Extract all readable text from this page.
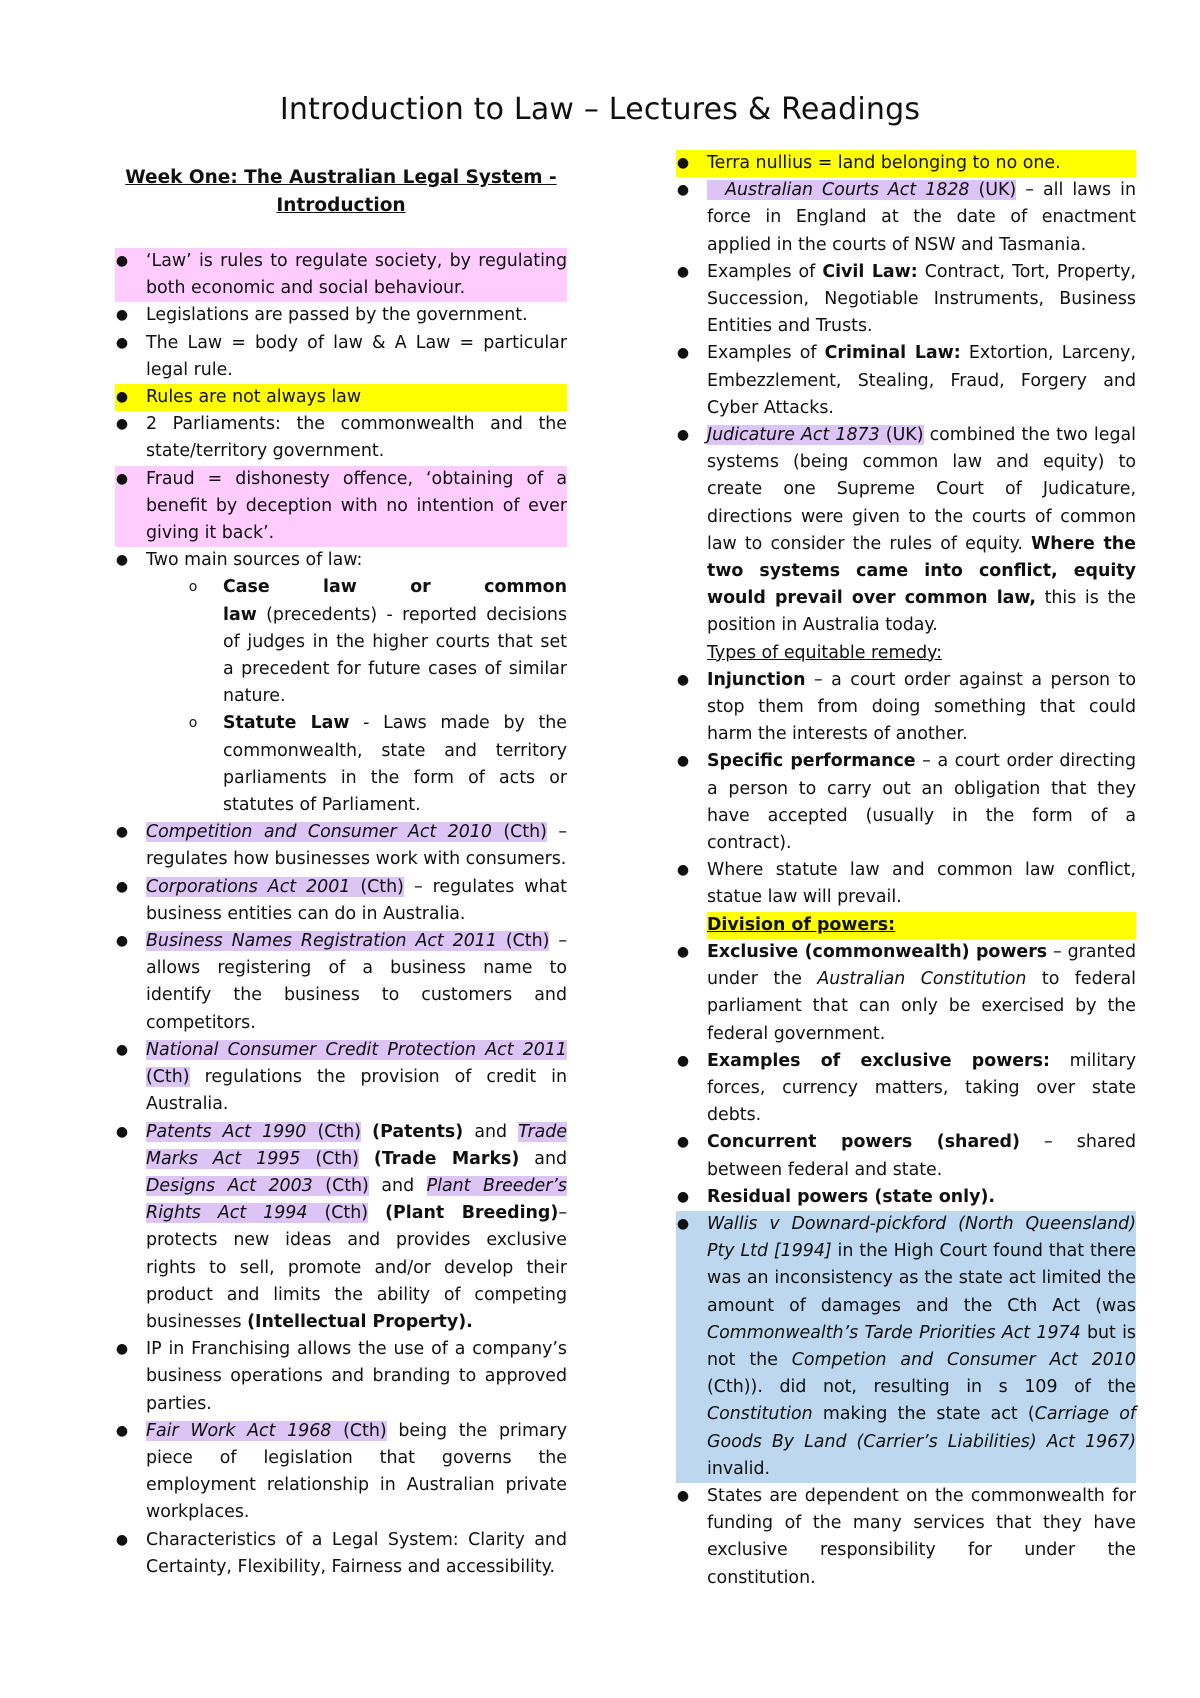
Introduction to Law – Lectures & Readings
Week One: The Australian Legal System -
Introduction
● ‘Law’ is rules to regulate society, by regulating both economic and social behaviour.
● Legislations are passed by the government.
● The Law = body of law & A Law = particular legal rule.
● Rules are not always law
● 2 Parliaments: the commonwealth and the state/territory government.
● Fraud = dishonesty offence, ‘obtaining of a benefit by deception with no intention of ever giving it back’.
● Two main sources of law:
o Case law or common law (precedents) - reported decisions of judges in the higher courts that set a precedent for future cases of similar nature.
o Statute Law - Laws made by the commonwealth, state and territory parliaments in the form of acts or statutes of Parliament.
● Competition and Consumer Act 2010 (Cth) – regulates how businesses work with consumers.
● Corporations Act 2001 (Cth) – regulates what business entities can do in Australia.
● Business Names Registration Act 2011 (Cth) – allows registering of a business name to identify the business to customers and competitors.
● National Consumer Credit Protection Act 2011 (Cth) regulations the provision of credit in Australia.
● Patents Act 1990 (Cth) (Patents) and Trade Marks Act 1995 (Cth) (Trade Marks) and Designs Act 2003 (Cth) and Plant Breeder’s Rights Act 1994 (Cth) (Plant Breeding)– protects new ideas and provides exclusive rights to sell, promote and/or develop their product and limits the ability of competing businesses (Intellectual Property).
● IP in Franchising allows the use of a company’s business operations and branding to approved parties.
● Fair Work Act 1968 (Cth) being the primary piece of legislation that governs the employment relationship in Australian private workplaces.
● Characteristics of a Legal System: Clarity and Certainty, Flexibility, Fairness and accessibility.
● Terra nullius = land belonging to no one.
● Australian Courts Act 1828 (UK) – all laws in force in England at the date of enactment applied in the courts of NSW and Tasmania.
● Examples of Civil Law: Contract, Tort, Property, Succession, Negotiable Instruments, Business Entities and Trusts.
● Examples of Criminal Law: Extortion, Larceny, Embezzlement, Stealing, Fraud, Forgery and Cyber Attacks.
● Judicature Act 1873 (UK) combined the two legal systems (being common law and equity) to create one Supreme Court of Judicature, directions were given to the courts of common law to consider the rules of equity. Where the two systems came into conflict, equity would prevail over common law, this is the position in Australia today.
Types of equitable remedy:
● Injunction – a court order against a person to stop them from doing something that could harm the interests of another.
● Specific performance – a court order directing a person to carry out an obligation that they have accepted (usually in the form of a contract).
● Where statute law and common law conflict, statue law will prevail.
Division of powers:
● Exclusive (commonwealth) powers – granted under the Australian Constitution to federal parliament that can only be exercised by the federal government.
● Examples of exclusive powers: military forces, currency matters, taking over state debts.
● Concurrent powers (shared) – shared between federal and state.
● Residual powers (state only).
● Wallis v Downard-pickford (North Queensland) Pty Ltd [1994] in the High Court found that there was an inconsistency as the state act limited the amount of damages and the Cth Act (was Commonwealth’s Tarde Priorities Act 1974 but is not the Competion and Consumer Act 2010 (Cth)). did not, resulting in s 109 of the Constitution making the state act (Carriage of Goods By Land (Carrier’s Liabilities) Act 1967) invalid.
● States are dependent on the commonwealth for funding of the many services that they have exclusive responsibility for under the constitution.
